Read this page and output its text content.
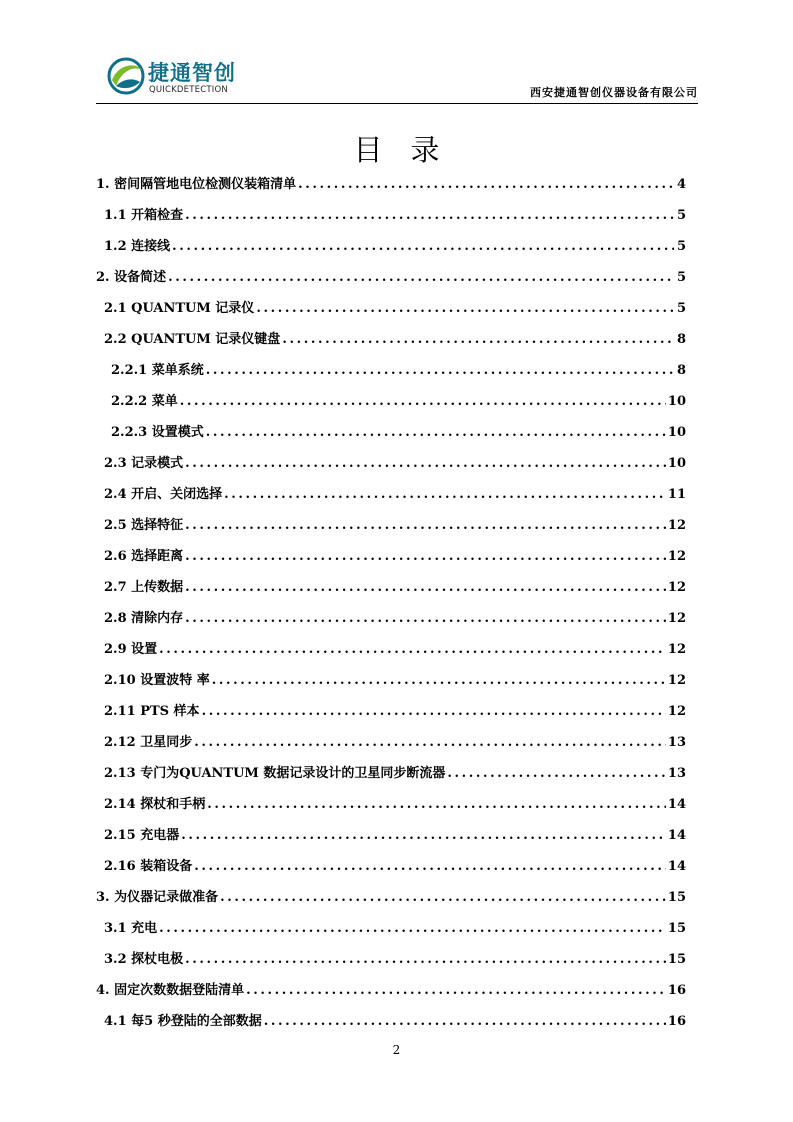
捷通智创
QUICKDETECTION	西安捷通智创仪器设备有限公司
目录
1. 密间隔管地电位检测仪装箱清单 .....	4
1.1 开箱检查 .....	5
1.2 连接线 .....	5
2. 设备简述 .....	5
2.1 QUANTUM 记录仪 .....	5
2.2 QUANTUM 记录仪键盘 .....	8
2.2.1 菜单系统 .....	8
2.2.2 菜单 .....	10
2.2.3 设置模式 .....	10
2.3 记录模式 .....	10
2.4 开启、关闭选择 .....	11
2.5 选择特征 .....	12
2.6 选择距离 .....	12
2.7 上传数据 .....	12
2.8 清除内存 .....	12
2.9 设置 .....	12
2.10 设置波特 率 .....	12
2.11 PTS 样本 .....	12
2.12 卫星同步 .....	13
2.13 专门为QUANTUM 数据记录设计的卫星同步断流器 .....	13
2.14 探杖和手柄 .....	14
2.15 充电器 .....	14
2.16 装箱设备 .....	14
3. 为仪器记录做准备 .....	15
3.1 充电 .....	15
3.2 探杖电极 .....	15
4. 固定次数数据登陆清单 .....	16
4.1 每5 秒登陆的全部数据 .....	16
2
